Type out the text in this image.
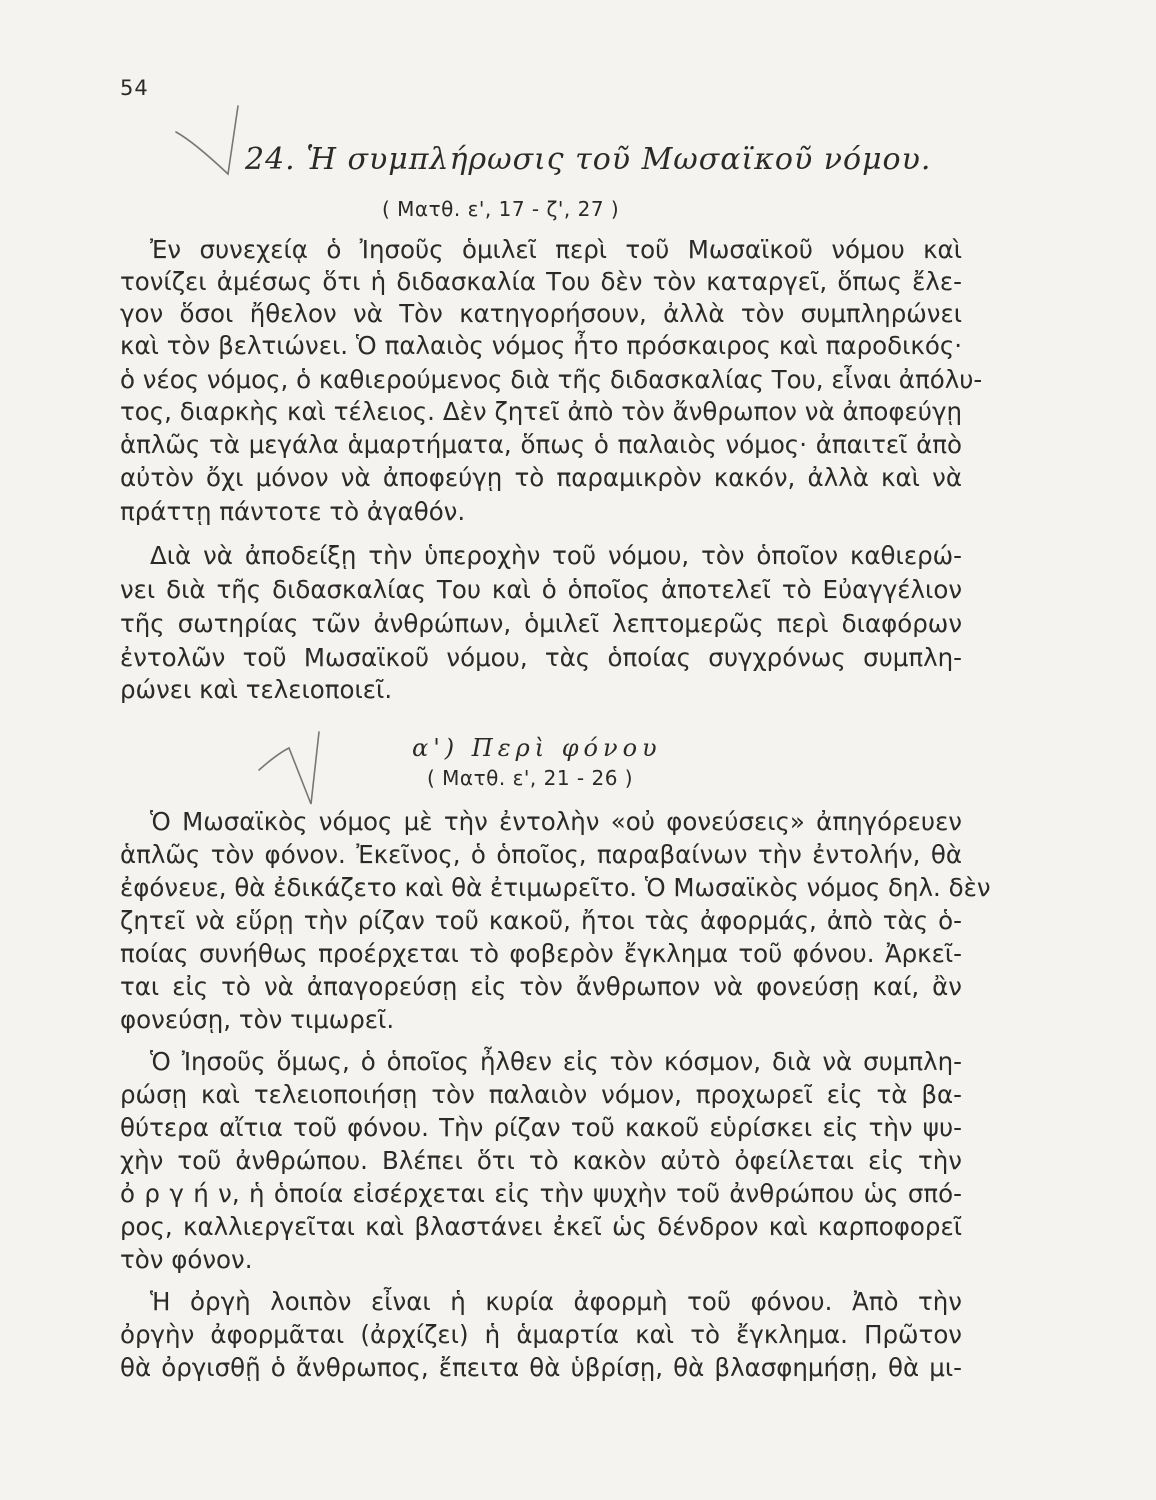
54
24. Ἡ συμπλήρωσις τοῦ Μωσαϊκοῦ νόμου.
( Ματθ. ε', 17 - ζ', 27 )
Ἐν συνεχείᾳ ὁ Ἰησοῦς ὁμιλεῖ περὶ τοῦ Μωσαϊκοῦ νόμου καὶ
τονίζει ἀμέσως ὅτι ἡ διδασκαλία Του δὲν τὸν καταργεῖ, ὅπως ἔλε-
γον ὅσοι ἤθελον νὰ Τὸν κατηγορήσουν, ἀλλὰ τὸν συμπληρώνει
καὶ τὸν βελτιώνει. Ὁ παλαιὸς νόμος ἦτο πρόσκαιρος καὶ παροδικός·
ὁ νέος νόμος, ὁ καθιερούμενος διὰ τῆς διδασκαλίας Του, εἶναι ἀπόλυ-
τος, διαρκὴς καὶ τέλειος. Δὲν ζητεῖ ἀπὸ τὸν ἄνθρωπον νὰ ἀποφεύγῃ
ἁπλῶς τὰ μεγάλα ἁμαρτήματα, ὅπως ὁ παλαιὸς νόμος· ἀπαιτεῖ ἀπὸ
αὐτὸν ὄχι μόνον νὰ ἀποφεύγῃ τὸ παραμικρὸν κακόν, ἀλλὰ καὶ νὰ
πράττῃ πάντοτε τὸ ἀγαθόν.
Διὰ νὰ ἀποδείξῃ τὴν ὑπεροχὴν τοῦ νόμου, τὸν ὁποῖον καθιερώ-
νει διὰ τῆς διδασκαλίας Του καὶ ὁ ὁποῖος ἀποτελεῖ τὸ Εὐαγγέλιον
τῆς σωτηρίας τῶν ἀνθρώπων, ὁμιλεῖ λεπτομερῶς περὶ διαφόρων
ἐντολῶν τοῦ Μωσαϊκοῦ νόμου, τὰς ὁποίας συγχρόνως συμπλη-
ρώνει καὶ τελειοποιεῖ.
α') Περὶ φόνου
( Ματθ. ε', 21 - 26 )
Ὁ Μωσαϊκὸς νόμος μὲ τὴν ἐντολὴν «οὐ φονεύσεις» ἀπηγόρευεν
ἁπλῶς τὸν φόνον. Ἐκεῖνος, ὁ ὁποῖος, παραβαίνων τὴν ἐντολήν, θὰ
ἐφόνευε, θὰ ἐδικάζετο καὶ θὰ ἐτιμωρεῖτο. Ὁ Μωσαϊκὸς νόμος δηλ. δὲν
ζητεῖ νὰ εὕρῃ τὴν ρίζαν τοῦ κακοῦ, ἤτοι τὰς ἀφορμάς, ἀπὸ τὰς ὁ-
ποίας συνήθως προέρχεται τὸ φοβερὸν ἔγκλημα τοῦ φόνου. Ἀρκεῖ-
ται εἰς τὸ νὰ ἀπαγορεύσῃ εἰς τὸν ἄνθρωπον νὰ φονεύσῃ καί, ἂν
φονεύσῃ, τὸν τιμωρεῖ.
Ὁ Ἰησοῦς ὅμως, ὁ ὁποῖος ἦλθεν εἰς τὸν κόσμον, διὰ νὰ συμπλη-
ρώσῃ καὶ τελειοποιήσῃ τὸν παλαιὸν νόμον, προχωρεῖ εἰς τὰ βα-
θύτερα αἴτια τοῦ φόνου. Τὴν ρίζαν τοῦ κακοῦ εὑρίσκει εἰς τὴν ψυ-
χὴν τοῦ ἀνθρώπου. Βλέπει ὅτι τὸ κακὸν αὐτὸ ὀφείλεται εἰς τὴν
ὀ ρ γ ή ν, ἡ ὁποία εἰσέρχεται εἰς τὴν ψυχὴν τοῦ ἀνθρώπου ὡς σπό-
ρος, καλλιεργεῖται καὶ βλαστάνει ἐκεῖ ὡς δένδρον καὶ καρποφορεῖ
τὸν φόνον.
Ἡ ὀργὴ λοιπὸν εἶναι ἡ κυρία ἀφορμὴ τοῦ φόνου. Ἀπὸ τὴν
ὀργὴν ἀφορμᾶται (ἀρχίζει) ἡ ἁμαρτία καὶ τὸ ἔγκλημα. Πρῶτον
θὰ ὀργισθῇ ὁ ἄνθρωπος, ἔπειτα θὰ ὑβρίσῃ, θὰ βλασφημήσῃ, θὰ μι-
